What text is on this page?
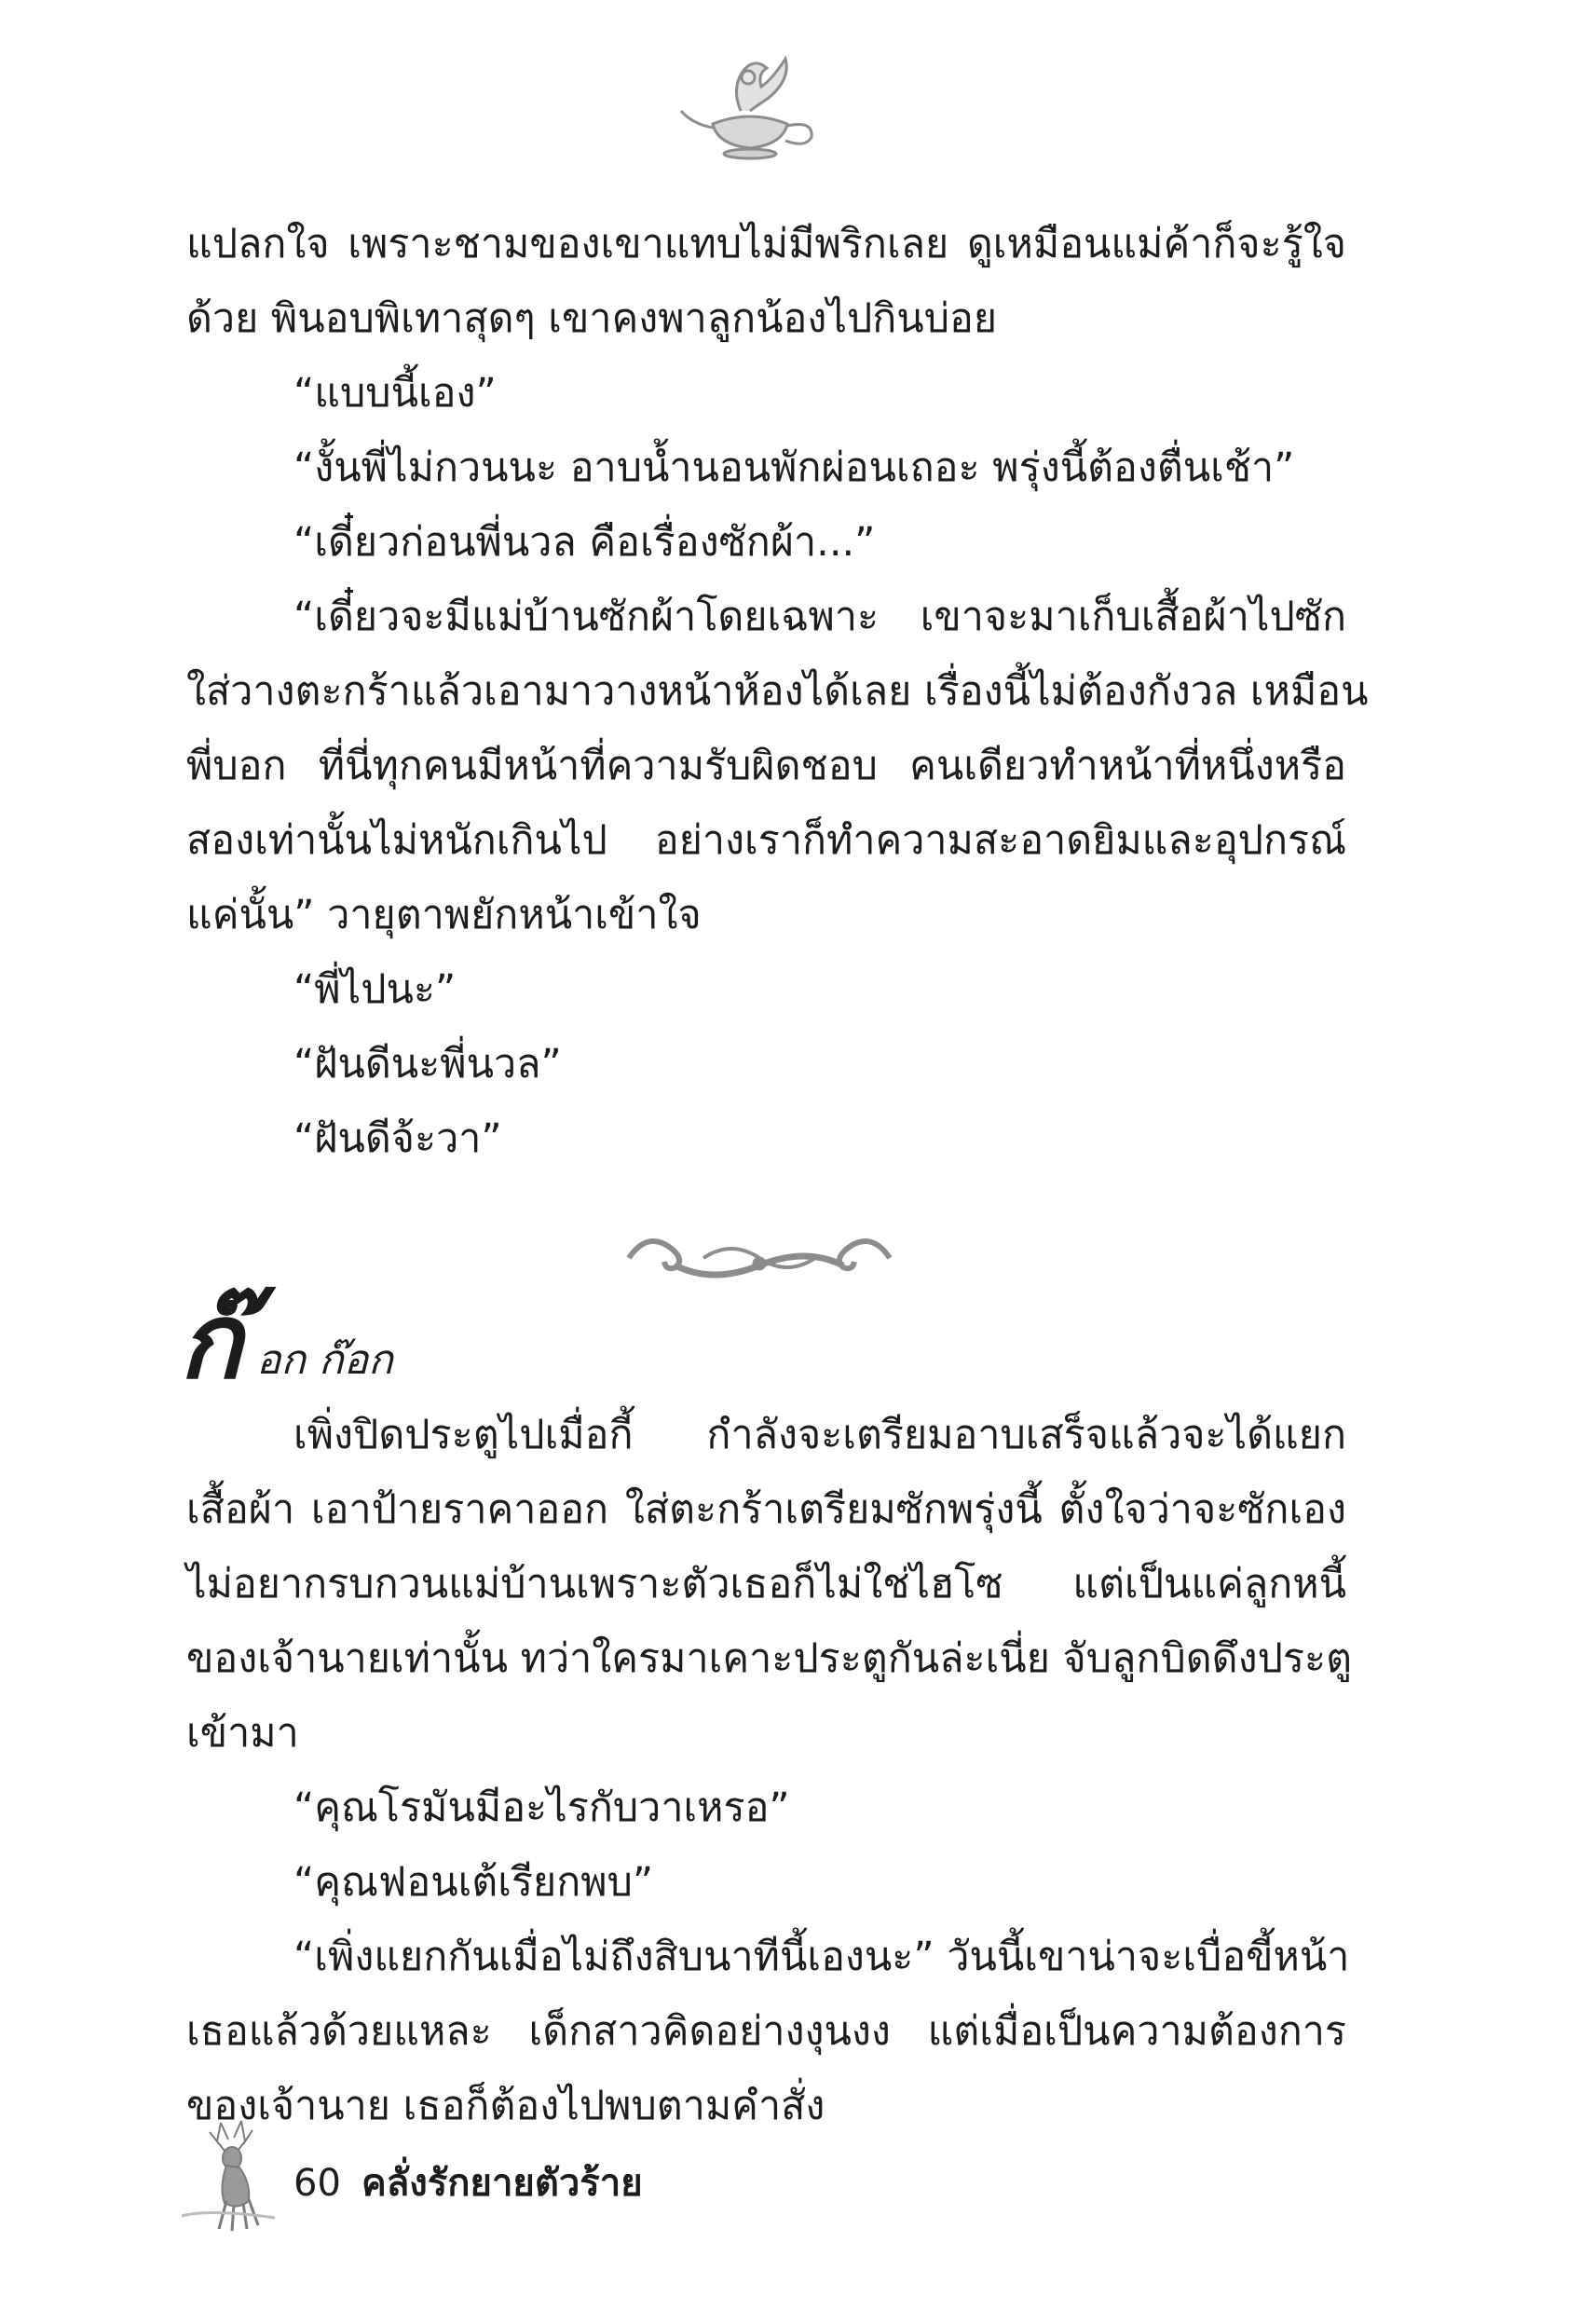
แปลกใจ เพราะชามของเขาแทบไม่มีพริกเลย ดูเหมือนแม่ค้าก็จะรู้ใจ
ด้วย พินอบพิเทาสุดๆ เขาคงพาลูกน้องไปกินบ่อย
“แบบนี้เอง”
“งั้นพี่ไม่กวนนะ อาบน้ำนอนพักผ่อนเถอะ พรุ่งนี้ต้องตื่นเช้า”
“เดี๋ยวก่อนพี่นวล คือเรื่องซักผ้า...”
“เดี๋ยวจะมีแม่บ้านซักผ้าโดยเฉพาะ เขาจะมาเก็บเสื้อผ้าไปซัก
ใส่วางตะกร้าแล้วเอามาวางหน้าห้องได้เลย เรื่องนี้ไม่ต้องกังวล เหมือน
พี่บอก ที่นี่ทุกคนมีหน้าที่ความรับผิดชอบ คนเดียวทำหน้าที่หนึ่งหรือ
สองเท่านั้นไม่หนักเกินไป อย่างเราก็ทำความสะอาดยิมและอุปกรณ์
แค่นั้น” วายุตาพยักหน้าเข้าใจ
“พี่ไปนะ”
“ฝันดีนะพี่นวล”
“ฝันดีจ้ะวา”
ก๊ อก ก๊อก
เพิ่งปิดประตูไปเมื่อกี้ กำลังจะเตรียมอาบเสร็จแล้วจะได้แยก
เสื้อผ้า เอาป้ายราคาออก ใส่ตะกร้าเตรียมซักพรุ่งนี้ ตั้งใจว่าจะซักเอง
ไม่อยากรบกวนแม่บ้านเพราะตัวเธอก็ไม่ใช่ไฮโซ แต่เป็นแค่ลูกหนี้
ของเจ้านายเท่านั้น ทว่าใครมาเคาะประตูกันล่ะเนี่ย จับลูกบิดดึงประตู
เข้ามา
“คุณโรมันมีอะไรกับวาเหรอ”
“คุณฟอนเต้เรียกพบ”
“เพิ่งแยกกันเมื่อไม่ถึงสิบนาทีนี้เองนะ” วันนี้เขาน่าจะเบื่อขี้หน้า
เธอแล้วด้วยแหละ เด็กสาวคิดอย่างงุนงง แต่เมื่อเป็นความต้องการ
ของเจ้านาย เธอก็ต้องไปพบตามคำสั่ง
60 คลั่งรักยายตัวร้าย
